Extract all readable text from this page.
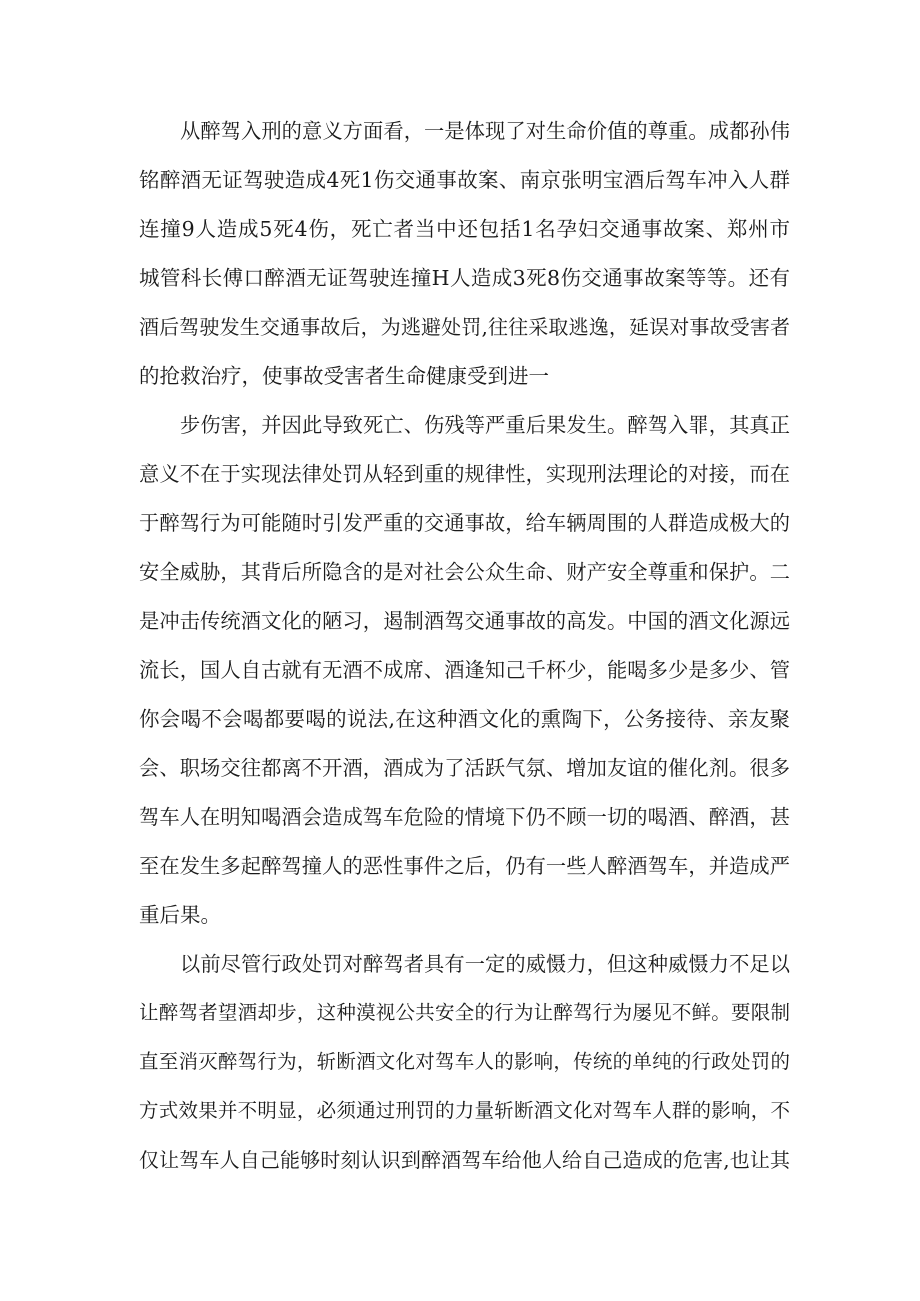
从醉驾入刑的意义方面看，一是体现了对生命价值的尊重。成都孙伟
铭醉酒无证驾驶造成4死1伤交通事故案、南京张明宝酒后驾车冲入人群
连撞9人造成5死4伤，死亡者当中还包括1名孕妇交通事故案、郑州市
城管科长傅口醉酒无证驾驶连撞H人造成3死8伤交通事故案等等。还有
酒后驾驶发生交通事故后，为逃避处罚,往往采取逃逸，延误对事故受害者
的抢救治疗，使事故受害者生命健康受到进一
步伤害，并因此导致死亡、伤残等严重后果发生。醉驾入罪，其真正
意义不在于实现法律处罚从轻到重的规律性，实现刑法理论的对接，而在
于醉驾行为可能随时引发严重的交通事故，给车辆周围的人群造成极大的
安全威胁，其背后所隐含的是对社会公众生命、财产安全尊重和保护。二
是冲击传统酒文化的陋习，遏制酒驾交通事故的高发。中国的酒文化源远
流长，国人自古就有无酒不成席、酒逢知己千杯少，能喝多少是多少、管
你会喝不会喝都要喝的说法,在这种酒文化的熏陶下，公务接待、亲友聚
会、职场交往都离不开酒，酒成为了活跃气氛、增加友谊的催化剂。很多
驾车人在明知喝酒会造成驾车危险的情境下仍不顾一切的喝酒、醉酒，甚
至在发生多起醉驾撞人的恶性事件之后，仍有一些人醉酒驾车，并造成严
重后果。
以前尽管行政处罚对醉驾者具有一定的威慑力，但这种威慑力不足以
让醉驾者望酒却步，这种漠视公共安全的行为让醉驾行为屡见不鲜。要限制
直至消灭醉驾行为，斩断酒文化对驾车人的影响，传统的单纯的行政处罚的
方式效果并不明显，必须通过刑罚的力量斩断酒文化对驾车人群的影响，不
仅让驾车人自己能够时刻认识到醉酒驾车给他人给自己造成的危害,也让其
